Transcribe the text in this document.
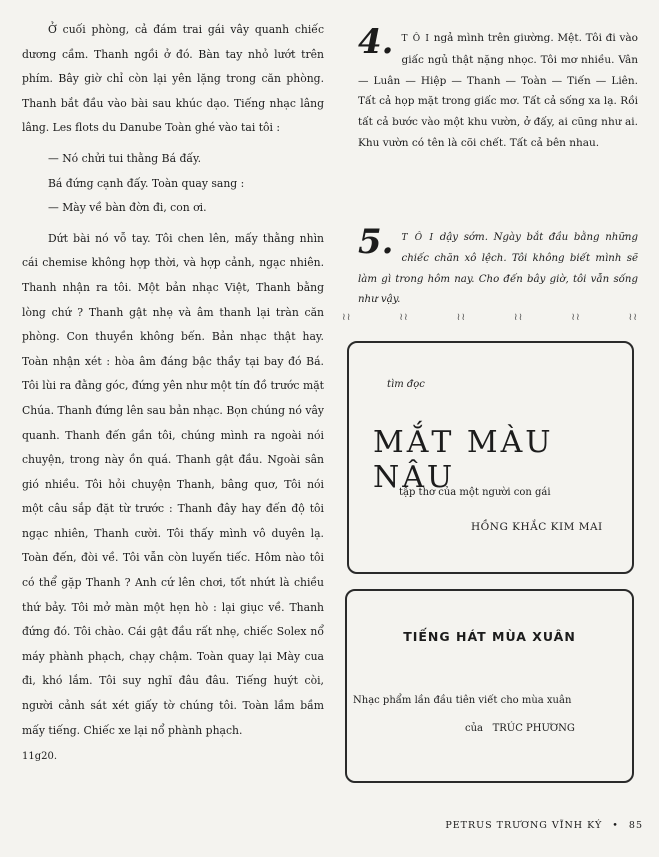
Ở cuối phòng, cả đám trai gái vây quanh chiếc dương cầm. Thanh ngồi ở đó. Bàn tay nhỏ lướt trên phím. Bây giờ chỉ còn lại yên lặng trong căn phòng. Thanh bắt đầu vào bài sau khúc dạo. Tiếng nhạc lâng lâng. Les flots du Danube Toàn ghé vào tai tôi :

— Nó chửi tui thằng Bá đấy.

Bá đứng cạnh đấy. Toàn quay sang :

— Mày về bàn đờn đi, con ơi.

Dứt bài nó vỗ tay. Tôi chen lên, mấy thằng nhìn cái chemise không hợp thời, và hợp cảnh, ngạc nhiên. Thanh nhận ra tôi. Một bản nhạc Việt, Thanh bằng lòng chứ ? Thanh gật nhẹ và âm thanh lại tràn căn phòng. Con thuyền không bến. Bản nhạc thật hay. Toàn nhận xét : hòa âm đáng bậc thầy tại bay đó Bá. Tôi lùi ra đằng góc, đứng yên như một tín đồ trước mặt Chúa. Thanh đứng lên sau bản nhạc. Bọn chúng nó vây quanh. Thanh đến gần tôi, chúng mình ra ngoài nói chuyện, trong này ồn quá. Thanh gật đầu. Ngoài sân gió nhiều. Tôi hỏi chuyện Thanh, bâng quơ, Tôi nói một câu sắp đặt từ trước : Thanh đây hay đến độ tôi ngạc nhiên, Thanh cười. Tôi thấy mình vô duyên lạ. Toàn đến, đòi về. Tôi vẫn còn luyến tiếc. Hôm nào tôi có thể gặp Thanh ? Anh cứ lên chơi, tốt nhứt là chiều thứ bảy. Tôi mở màn một hẹn hò : lại giục về. Thanh đứng đó. Tôi chào. Cái gật đầu rất nhẹ, chiếc Solex nổ máy phành phạch, chạy chậm. Toàn quay lại Mày cua đi, khó lắm. Tôi suy nghĩ đâu đâu. Tiếng huýt còi, người cảnh sát xét giấy tờ chúng tôi. Toàn lầm bầm mấy tiếng. Chiếc xe lại nổ phành phạch.

11g20.

4. T Ô I ngả mình trên giường. Mệt. Tôi đi vào giấc ngủ thật nặng nhọc. Tôi mơ nhiều. Vân — Luân — Hiệp — Thanh — Toàn — Tiến — Liên. Tất cả họp mặt trong giấc mơ. Tất cả sống xa lạ. Rồi tất cả bước vào một khu vườn, ở đấy, ai cũng như ai. Khu vườn có tên là cõi chết. Tất cả bên nhau.

5. T Ô I dậy sớm. Ngày bắt đầu bằng những chiếc chăn xô lệch. Tôi không biết mình sẽ làm gì trong hôm nay. Cho đến bây giờ, tôi vẫn sống như vậy.

≀≀	≀≀	≀≀	≀≀	≀≀	≀≀
tìm đọc
MẮT MÀU NÂU
tập thơ của một người con gái
HỒNG KHẮC KIM MAI
TIẾNG HÁT MÙA XUÂN
Nhạc phẩm lần đầu tiên viết cho mùa xuân
của TRÚC PHƯƠNG
PETRUS TRƯƠNG VĨNH KÝ • 85
